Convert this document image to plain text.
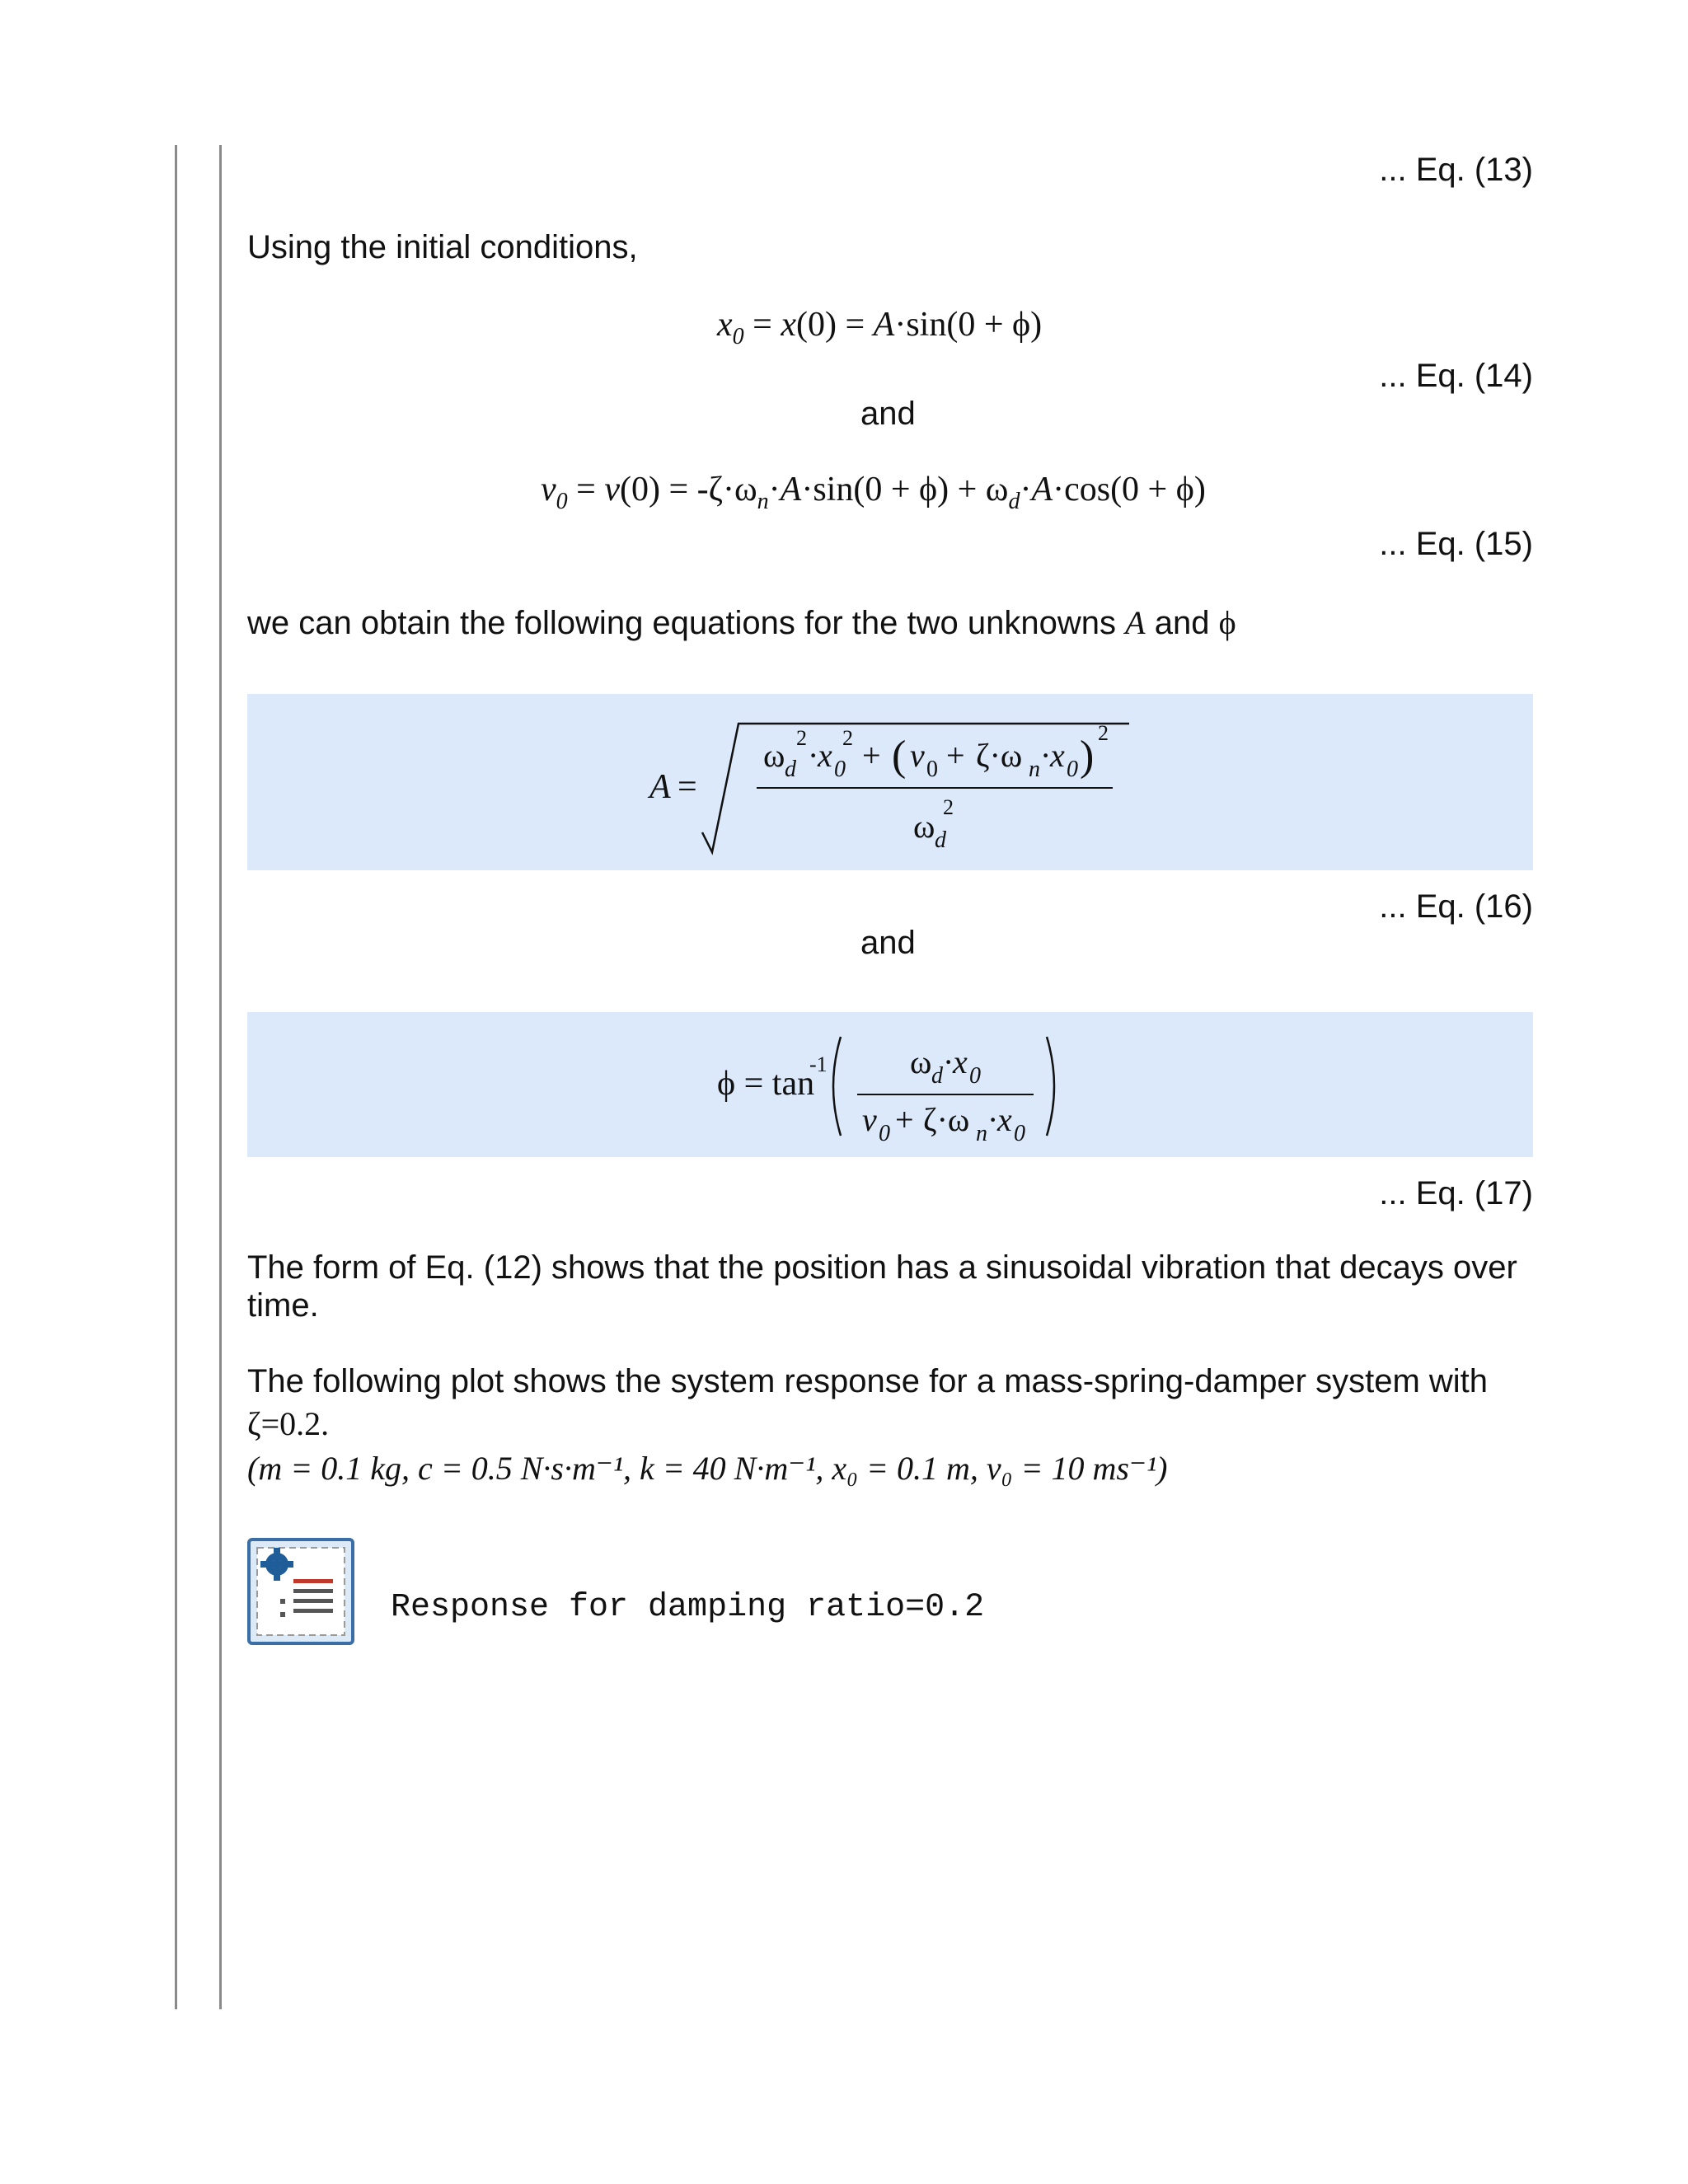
... Eq. (13)
Using the initial conditions,
$x_0 = x(0) = A\cdot\sin(0 + \phi)$
... Eq. (14)
and
$v_0 = v(0) = -\zeta\cdot\omega_n\cdot A\cdot\sin(0 + \phi) + \omega_d\cdot A\cdot\cos(0 + \phi)$
... Eq. (15)
we can obtain the following equations for the two unknowns A and ϕ
A =
ω d
2 ·
x 0
2 + ( v 0 + ζ·ω n ·
x 0 ) 2
ω d
2
... Eq. (16)
and
ϕ = tan
-1	ω d ·
x 0
v 0 + ζ·ω n ·
x 0
... Eq. (17)
The form of Eq. (12) shows that the position has a sinusoidal vibration that decays over
time.
The following plot shows the system response for a mass-spring-damper system with
ζ=0.2.
(m = 0.1 kg, c = 0.5 N·s·m⁻¹, k = 40 N·m⁻¹, x₀ = 0.1 m, v₀ = 10 ms⁻¹)
Response for damping ratio=0.2
